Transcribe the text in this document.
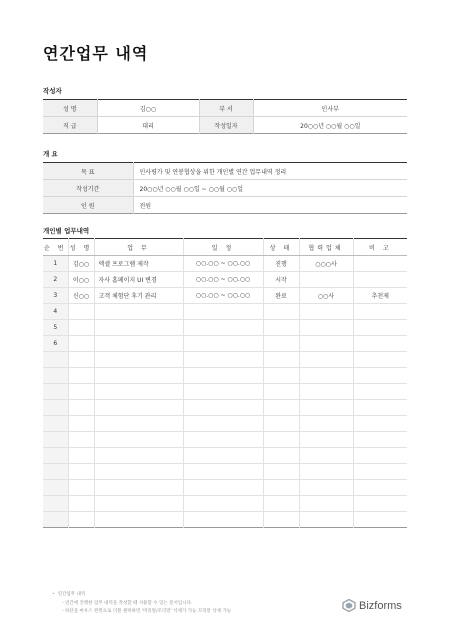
연간업무 내역
작성자
성 명	김○○	부 서	인사부
직 급	대리	작성일자	20○○년 ○○월 ○○일
개 요
목 표	인사평가 및 연봉협상을 위한 개인별 연간 업무내역 정리
작성기간	20○○년 ○○월 ○○일 ~ ○○월 ○○일
인 원	전원
개인별 업무내역
순 번	성 명	업 무	일 정	상 태	협력업체	비 고
1	김○○	엑셀 프로그램 제작	○○.○○ ~ ○○.○○	진행	○○○사	
2	이○○	자사 홈페이지 UI 변경	○○.○○ ~ ○○.○○	시작		
3	신○○	고객 체험단 후기 관리	○○.○○ ~ ○○.○○	완료	○○사	추천제
4						
5						
6						

• 연간업무 내역
- 연간에 진행한 업무 내역을 작성할 때 사용할 수 있는 문서입니다.
- 하단을 마우스 왼쪽으로 더블 클릭하면 '머리말/꼬리말' 삭제가 가능 꼬리말 삭제 가능
Bizforms
